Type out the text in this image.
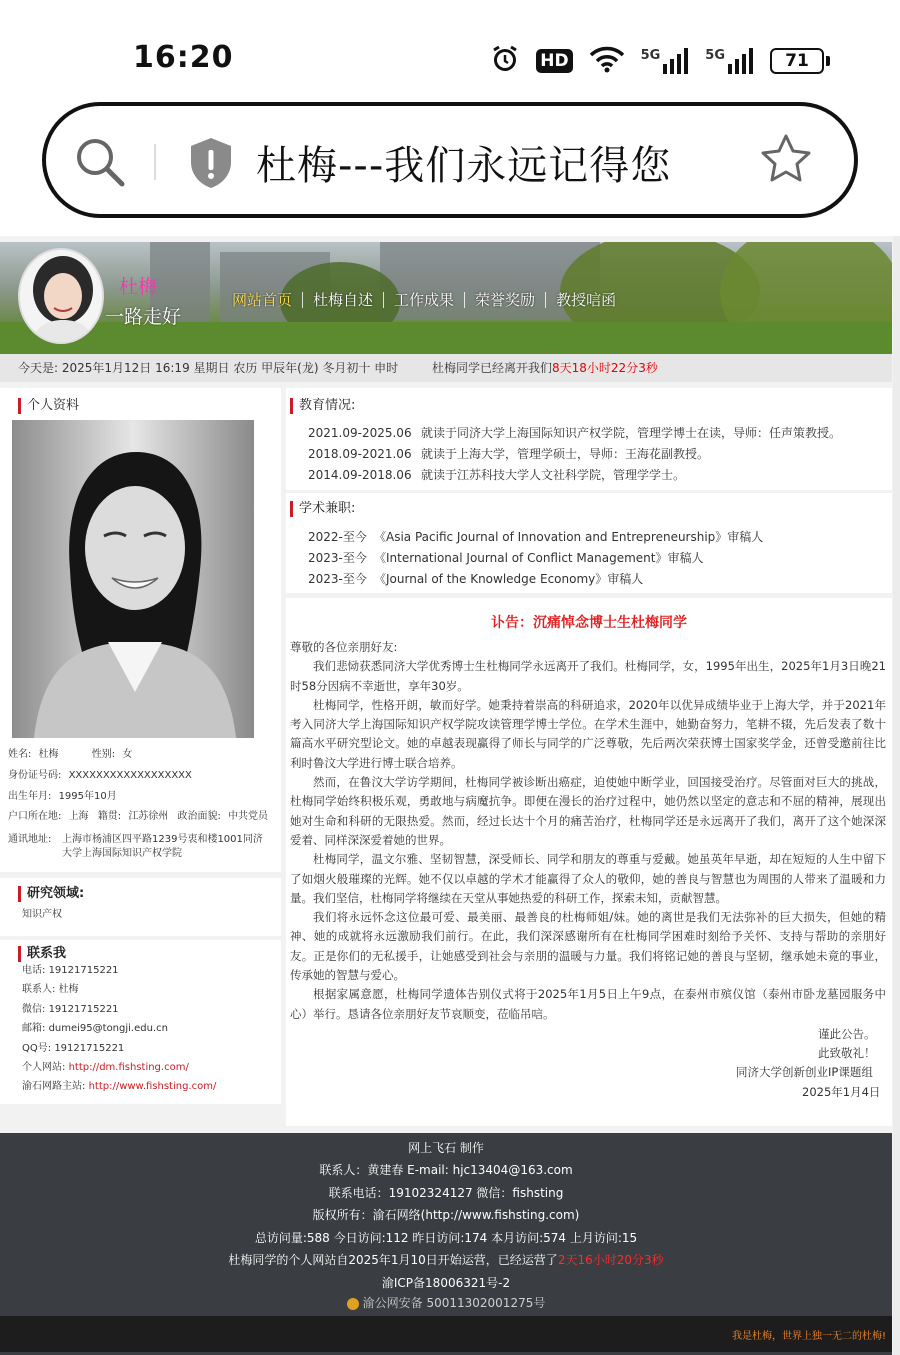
16:20	HD	5G	5G	71
杜梅---我们永远记得您
杜梅
一路走好
网站首页	杜梅自述	工作成果	荣誉奖励	教授唁函
今天是: 2025年1月12日 16:19 星期日 农历 甲辰年(龙) 冬月初十 申时	杜梅同学已经离开我们8天18小时22分3秒
个人资料
姓名: 杜梅	性别: 女
身份证号码: XXXXXXXXXXXXXXXXXX
出生年月: 1995年10月
户口所在地: 上海 籍贯: 江苏徐州 政治面貌: 中共党员
通讯地址: 上海市杨浦区四平路1239号衷和楼1001同济
大学上海国际知识产权学院
研究领域:
知识产权
联系我
电话: 19121715221
联系人: 杜梅
微信: 19121715221
邮箱: dumei95@tongji.edu.cn
QQ号: 19121715221
个人网站: http://dm.fishsting.com/
渝石网路主站: http://www.fishsting.com/
教育情况:
2021.09-2025.06 就读于同济大学上海国际知识产权学院，管理学博士在读，导师：任声策教授。
2018.09-2021.06 就读于上海大学，管理学硕士，导师：王海花副教授。
2014.09-2018.06 就读于江苏科技大学人文社科学院，管理学学士。
学术兼职:
2022-至今 《Asia Pacific Journal of Innovation and Entrepreneurship》审稿人
2023-至今 《International Journal of Conflict Management》审稿人
2023-至今 《Journal of the Knowledge Economy》审稿人
讣告：沉痛悼念博士生杜梅同学

尊敬的各位亲朋好友:

我们悲恸获悉同济大学优秀博士生杜梅同学永远离开了我们。杜梅同学，女，1995年出生，2025年1月3日晚21时58分因病不幸逝世，享年30岁。

杜梅同学，性格开朗，敏而好学。她秉持着崇高的科研追求，2020年以优异成绩毕业于上海大学，并于2021年考入同济大学上海国际知识产权学院攻读管理学博士学位。在学术生涯中，她勤奋努力，笔耕不辍，先后发表了数十篇高水平研究型论文。她的卓越表现赢得了师长与同学的广泛尊敬，先后两次荣获博士国家奖学金，还曾受邀前往比利时鲁汶大学进行博士联合培养。

然而，在鲁汶大学访学期间，杜梅同学被诊断出癌症，迫使她中断学业，回国接受治疗。尽管面对巨大的挑战，杜梅同学始终积极乐观，勇敢地与病魔抗争。即便在漫长的治疗过程中，她仍然以坚定的意志和不屈的精神，展现出她对生命和科研的无限热爱。然而，经过长达十个月的痛苦治疗，杜梅同学还是永远离开了我们，离开了这个她深深爱着、同样深深爱着她的世界。

杜梅同学，温文尔雅、坚韧智慧，深受师长、同学和朋友的尊重与爱戴。她虽英年早逝，却在短短的人生中留下了如烟火般璀璨的光辉。她不仅以卓越的学术才能赢得了众人的敬仰，她的善良与智慧也为周围的人带来了温暖和力量。我们坚信，杜梅同学将继续在天堂从事她热爱的科研工作，探索未知，贡献智慧。

我们将永远怀念这位最可爱、最美丽、最善良的杜梅师姐/妹。她的离世是我们无法弥补的巨大损失，但她的精神、她的成就将永远激励我们前行。在此，我们深深感谢所有在杜梅同学困难时刻给予关怀、支持与帮助的亲朋好友。正是你们的无私援手，让她感受到社会与亲朋的温暖与力量。我们将铭记她的善良与坚韧，继承她未竟的事业，传承她的智慧与爱心。

根据家属意愿，杜梅同学遗体告别仪式将于2025年1月5日上午9点，在泰州市殡仪馆（泰州市卧龙墓园服务中心）举行。恳请各位亲朋好友节哀顺变，莅临吊唁。

谨此公告。
此致敬礼！
同济大学创新创业IP课题组
2025年1月4日
网上飞石 制作
联系人：黄建春 E-mail: hjc13404@163.com
联系电话：19102324127 微信：fishsting
版权所有：渝石网络(http://www.fishsting.com)
总访问量:588 今日访问:112 昨日访问:174 本月访问:574 上月访问:15
杜梅同学的个人网站自2025年1月10日开始运营，已经运营了2天16小时20分3秒
渝ICP备18006321号-2
渝公网安备 50011302001275号
我是杜梅，世界上独一无二的杜梅!
